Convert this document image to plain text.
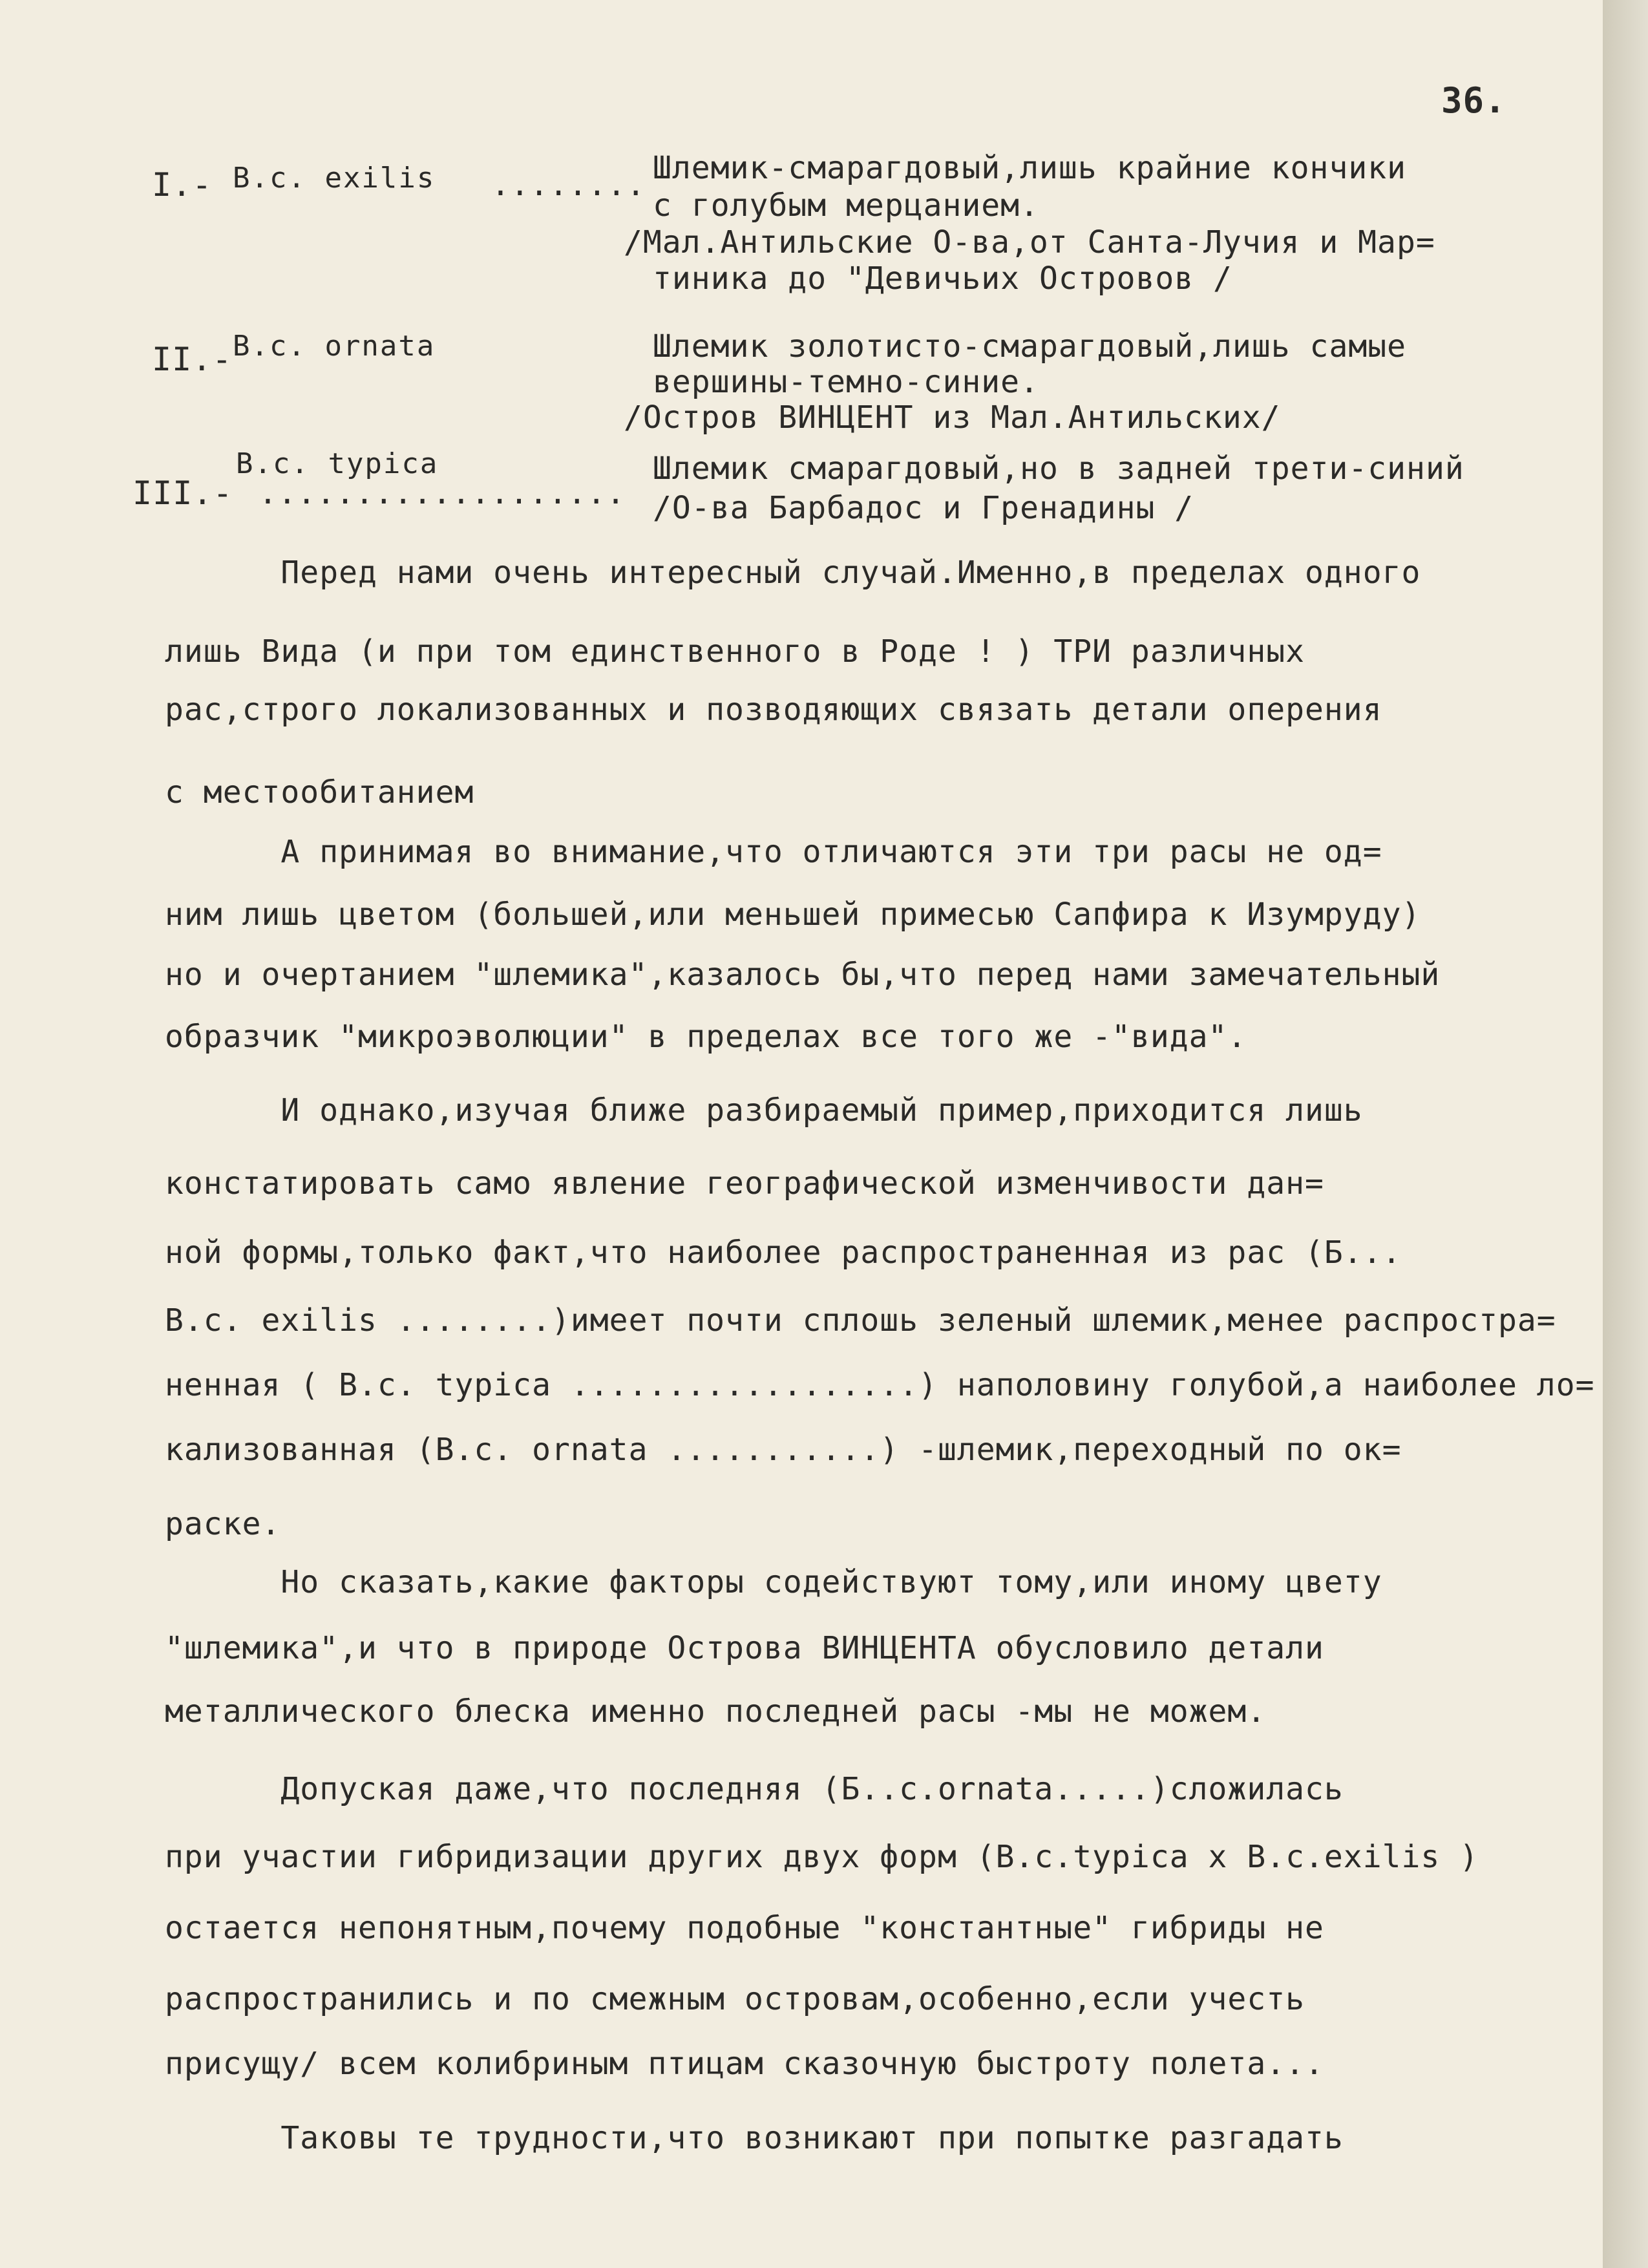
36.
I.- B.c. exilis ........ Шлемик-смарагдовый,лишь крайние кончики
с голубым мерцанием.
/Мал.Антильские О-ва,от Санта-Лучия и Мар=
тиника до "Девичьих Островов /
II.- B.c. ornata	Шлемик золотисто-смарагдовый,лишь самые
вершины-темно-синие.
/Остров ВИНЦЕНТ из Мал.Антильских/
III.-
B.c. typica
...................
Шлемик смарагдовый,но в задней трети-синий
/О-ва Барбадос и Гренадины /
Перед нами очень интересный случай.Именно,в пределах одного
лишь Вида (и при том единственного в Роде ! ) ТРИ различных
рас,строго локализованных и позводяющих связать детали оперения
с местообитанием
А принимая во внимание,что отличаются эти три расы не од=
ним лишь цветом (большей,или меньшей примесью Сапфира к Изумруду)
но и очертанием "шлемика",казалось бы,что перед нами замечательный
образчик "микроэволюции" в пределах все того же -"вида".
И однако,изучая ближе разбираемый пример,приходится лишь
констатировать само явление географической изменчивости дан=
ной формы,только факт,что наиболее распространенная из рас (Б...
B.c. exilis ........)имеет почти сплошь зеленый шлемик,менее распростра=
ненная ( B.c. typica ..................) наполовину голубой,а наиболее ло=
кализованная (B.c. ornata ...........) -шлемик,переходный по ок=
раске.
Но сказать,какие факторы содействуют тому,или иному цвету
"шлемика",и что в природе Острова ВИНЦЕНТА обусловило детали
металлического блеска именно последней расы -мы не можем.
Допуская даже,что последняя (Б..c.ornata.....)сложилась
при участии гибридизации других двух форм (B.c.typica x B.c.exilis )
остается непонятным,почему подобные "константные" гибриды не
распространились и по смежным островам,особенно,если учесть
присущу/ всем колибриным птицам сказочную быстроту полета...
Таковы те трудности,что возникают при попытке разгадать
